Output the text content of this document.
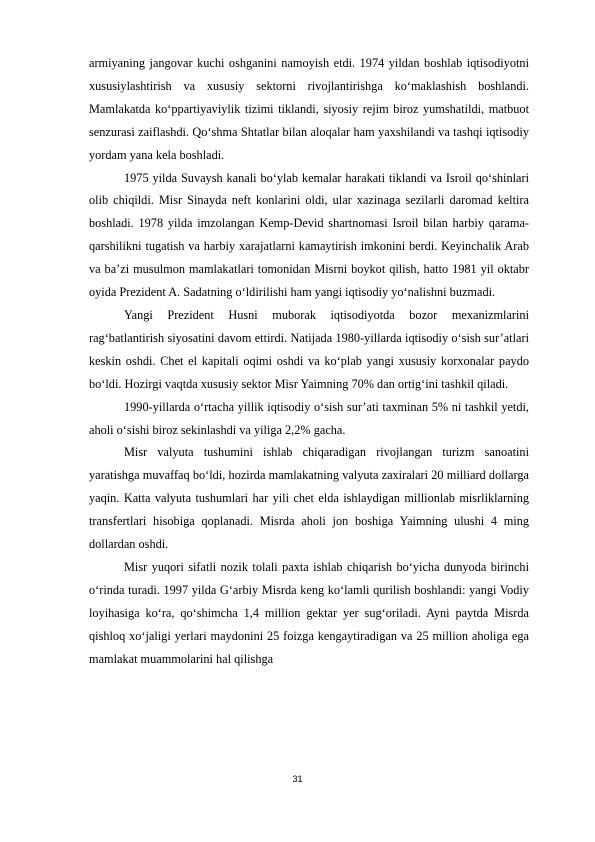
armiyaning jangovar kuchi oshganini namoyish etdi. 1974 yildan boshlab iqtisodiyotni xususiylashtirish va xususiy sektorni rivojlantirishga ko‘maklashish boshlandi. Mamlakatda ko‘ppartiyaviylik tizimi tiklandi, siyosiy rejim biroz yumshatildi, matbuot senzurasi zaiflashdi. Qo‘shma Shtatlar bilan aloqalar ham yaxshilandi va tashqi iqtisodiy yordam yana kela boshladi.

1975 yilda Suvaysh kanali bo‘ylab kemalar harakati tiklandi va Isroil qo‘shinlari olib chiqildi. Misr Sinayda neft konlarini oldi, ular xazinaga sezilarli daromad keltira boshladi. 1978 yilda imzolangan Kemp-Devid shartnomasi Isroil bilan harbiy qarama-qarshilikni tugatish va harbiy xarajatlarni kamaytirish imkonini berdi. Keyinchalik Arab va ba’zi musulmon mamlakatlari tomonidan Misrni boykot qilish, hatto 1981 yil oktabr oyida Prezident A. Sadatning o‘ldirilishi ham yangi iqtisodiy yo‘nalishni buzmadi.

Yangi Prezident Husni muborak iqtisodiyotda bozor mexanizmlarini rag‘batlantirish siyosatini davom ettirdi. Natijada 1980-yillarda iqtisodiy o‘sish sur’atlari keskin oshdi. Chet el kapitali oqimi oshdi va ko‘plab yangi xususiy korxonalar paydo bo‘ldi. Hozirgi vaqtda xususiy sektor Misr Yaimning 70% dan ortig‘ini tashkil qiladi.

1990-yillarda o‘rtacha yillik iqtisodiy o‘sish sur’ati taxminan 5% ni tashkil yetdi, aholi o‘sishi biroz sekinlashdi va yiliga 2,2% gacha.

Misr valyuta tushumini ishlab chiqaradigan rivojlangan turizm sanoatini yaratishga muvaffaq bo‘ldi, hozirda mamlakatning valyuta zaxiralari 20 milliard dollarga yaqin. Katta valyuta tushumlari har yili chet elda ishlaydigan millionlab misrliklarning transfertlari hisobiga qoplanadi. Misrda aholi jon boshiga Yaimning ulushi 4 ming dollardan oshdi.

Misr yuqori sifatli nozik tolali paxta ishlab chiqarish bo‘yicha dunyoda birinchi o‘rinda turadi. 1997 yilda G‘arbiy Misrda keng ko‘lamli qurilish boshlandi: yangi Vodiy loyihasiga ko‘ra, qo‘shimcha 1,4 million gektar yer sug‘oriladi. Ayni paytda Misrda qishloq xo‘jaligi yerlari maydonini 25 foizga kengaytiradigan va 25 million aholiga ega mamlakat muammolarini hal qilishga

31
